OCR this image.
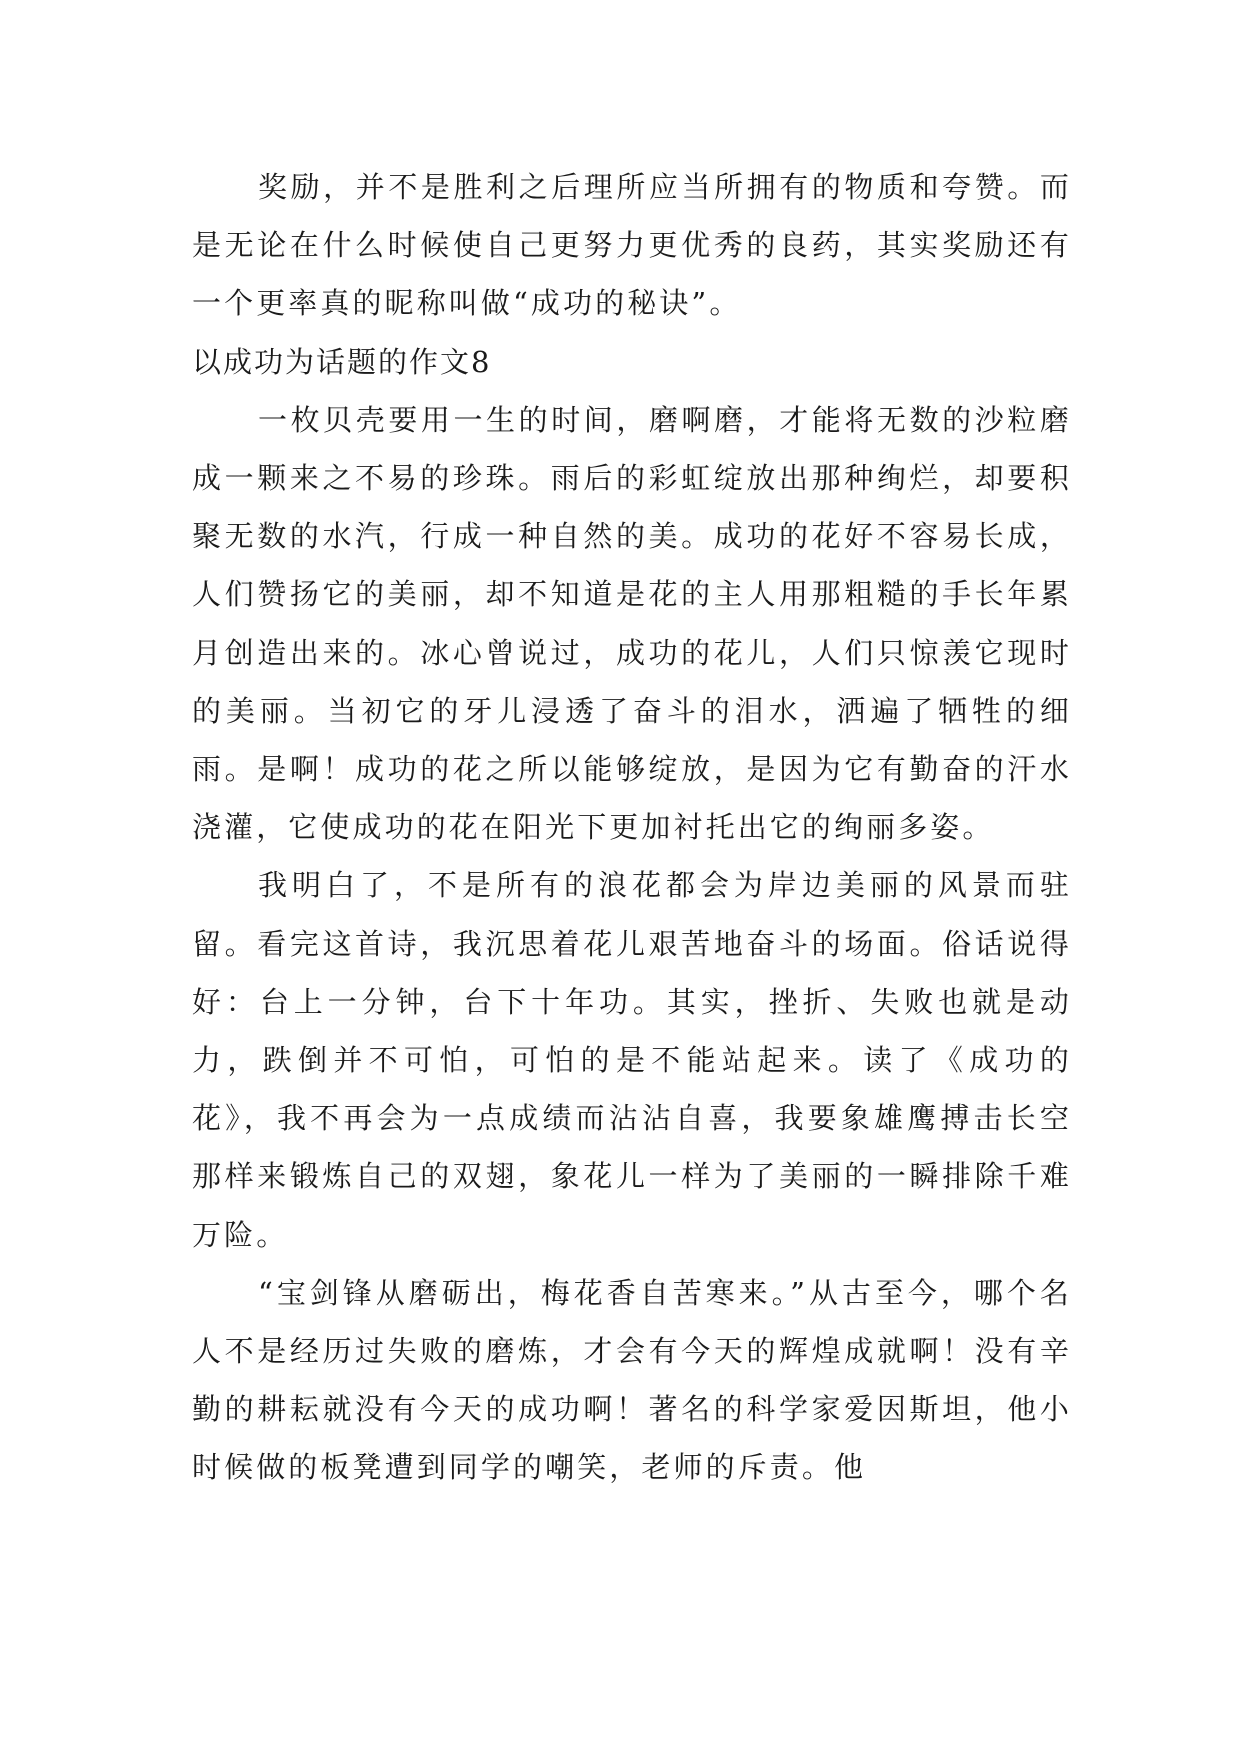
奖励，并不是胜利之后理所应当所拥有的物质和夸赞。而是无论在什么时候使自己更努力更优秀的良药，其实奖励还有一个更率真的昵称叫做“成功的秘诀”。

以成功为话题的作文8

一枚贝壳要用一生的时间，磨啊磨，才能将无数的沙粒磨成一颗来之不易的珍珠。雨后的彩虹绽放出那种绚烂，却要积聚无数的水汽，行成一种自然的美。成功的花好不容易长成，人们赞扬它的美丽，却不知道是花的主人用那粗糙的手长年累月创造出来的。冰心曾说过，成功的花儿，人们只惊羡它现时的美丽。当初它的牙儿浸透了奋斗的泪水，洒遍了牺牲的细雨。是啊！成功的花之所以能够绽放，是因为它有勤奋的汗水浇灌，它使成功的花在阳光下更加衬托出它的绚丽多姿。

我明白了，不是所有的浪花都会为岸边美丽的风景而驻留。看完这首诗，我沉思着花儿艰苦地奋斗的场面。俗话说得好：台上一分钟，台下十年功。其实，挫折、失败也就是动力，跌倒并不可怕，可怕的是不能站起来。读了《成功的花》，我不再会为一点成绩而沾沾自喜，我要象雄鹰搏击长空那样来锻炼自己的双翅，象花儿一样为了美丽的一瞬排除千难万险。

“宝剑锋从磨砺出，梅花香自苦寒来。”从古至今，哪个名人不是经历过失败的磨炼，才会有今天的辉煌成就啊！没有辛勤的耕耘就没有今天的成功啊！著名的科学家爱因斯坦，他小时候做的板凳遭到同学的嘲笑，老师的斥责。他
